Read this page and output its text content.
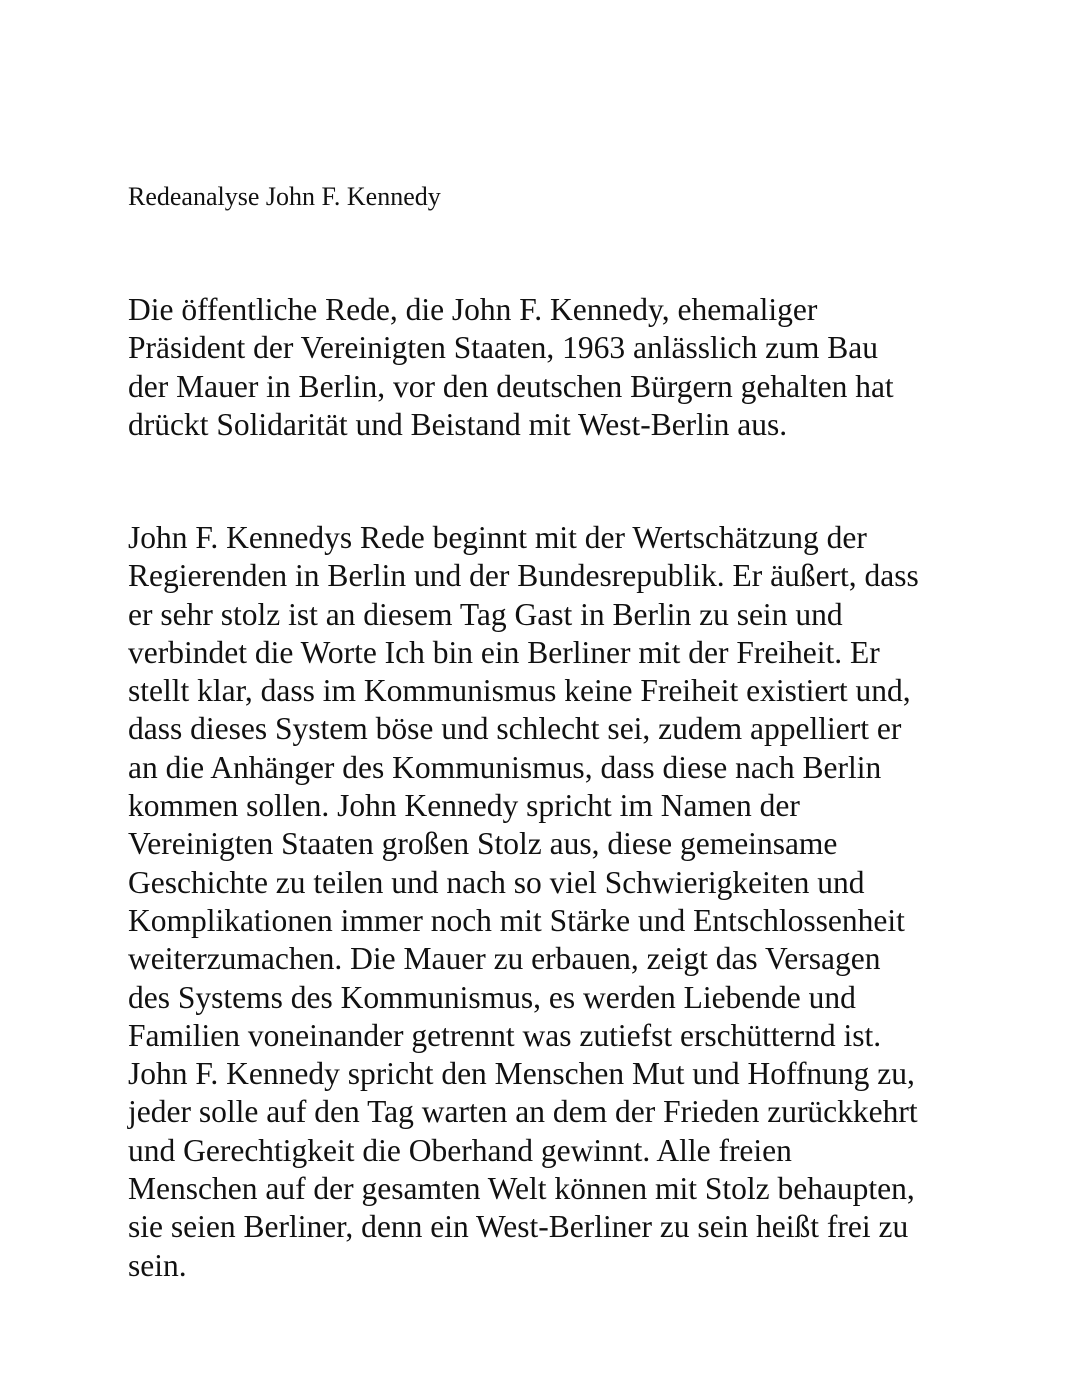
Redeanalyse John F. Kennedy
Die öffentliche Rede, die John F. Kennedy, ehemaliger
Präsident der Vereinigten Staaten, 1963 anlässlich zum Bau
der Mauer in Berlin, vor den deutschen Bürgern gehalten hat
drückt Solidarität und Beistand mit West-Berlin aus.
John F. Kennedys Rede beginnt mit der Wertschätzung der
Regierenden in Berlin und der Bundesrepublik. Er äußert, dass
er sehr stolz ist an diesem Tag Gast in Berlin zu sein und
verbindet die Worte Ich bin ein Berliner mit der Freiheit. Er
stellt klar, dass im Kommunismus keine Freiheit existiert und,
dass dieses System böse und schlecht sei, zudem appelliert er
an die Anhänger des Kommunismus, dass diese nach Berlin
kommen sollen. John Kennedy spricht im Namen der
Vereinigten Staaten großen Stolz aus, diese gemeinsame
Geschichte zu teilen und nach so viel Schwierigkeiten und
Komplikationen immer noch mit Stärke und Entschlossenheit
weiterzumachen. Die Mauer zu erbauen, zeigt das Versagen
des Systems des Kommunismus, es werden Liebende und
Familien voneinander getrennt was zutiefst erschütternd ist.
John F. Kennedy spricht den Menschen Mut und Hoffnung zu,
jeder solle auf den Tag warten an dem der Frieden zurückkehrt
und Gerechtigkeit die Oberhand gewinnt. Alle freien
Menschen auf der gesamten Welt können mit Stolz behaupten,
sie seien Berliner, denn ein West-Berliner zu sein heißt frei zu
sein.
